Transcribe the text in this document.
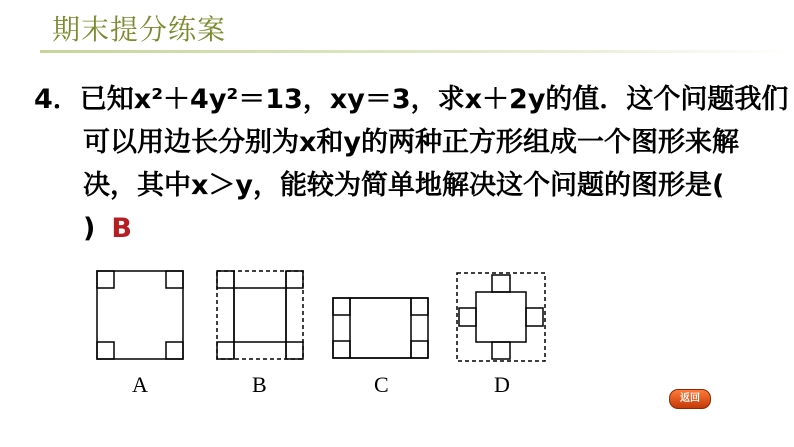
期末提分练案
4．已知x²＋4y²＝13，xy＝3，求x＋2y的值．这个问题我们
可以用边长分别为x和y的两种正方形组成一个图形来解
决，其中x＞y，能较为简单地解决这个问题的图形是(
) B
A	B	C	D
返回
